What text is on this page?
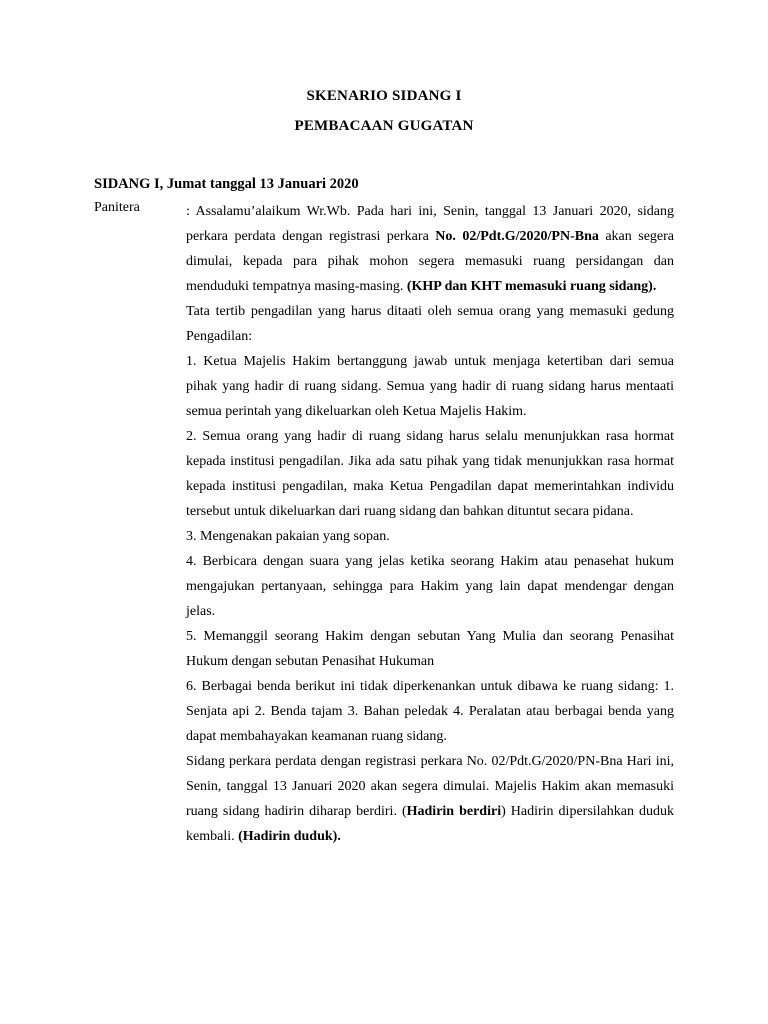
SKENARIO SIDANG I
PEMBACAAN GUGATAN
SIDANG I, Jumat tanggal 13 Januari 2020
Panitera	: Assalamu’alaikum Wr.Wb. Pada hari ini, Senin, tanggal 13 Januari 2020, sidang perkara perdata dengan registrasi perkara No. 02/Pdt.G/2020/PN-Bna akan segera dimulai, kepada para pihak mohon segera memasuki ruang persidangan dan menduduki tempatnya masing-masing. (KHP dan KHT memasuki ruang sidang).

Tata tertib pengadilan yang harus ditaati oleh semua orang yang memasuki gedung Pengadilan:

1. Ketua Majelis Hakim bertanggung jawab untuk menjaga ketertiban dari semua pihak yang hadir di ruang sidang. Semua yang hadir di ruang sidang harus mentaati semua perintah yang dikeluarkan oleh Ketua Majelis Hakim.

2. Semua orang yang hadir di ruang sidang harus selalu menunjukkan rasa hormat kepada institusi pengadilan. Jika ada satu pihak yang tidak menunjukkan rasa hormat kepada institusi pengadilan, maka Ketua Pengadilan dapat memerintahkan individu tersebut untuk dikeluarkan dari ruang sidang dan bahkan dituntut secara pidana.

3. Mengenakan pakaian yang sopan.

4. Berbicara dengan suara yang jelas ketika seorang Hakim atau penasehat hukum mengajukan pertanyaan, sehingga para Hakim yang lain dapat mendengar dengan jelas.

5. Memanggil seorang Hakim dengan sebutan Yang Mulia dan seorang Penasihat Hukum dengan sebutan Penasihat Hukuman

6. Berbagai benda berikut ini tidak diperkenankan untuk dibawa ke ruang sidang: 1. Senjata api 2. Benda tajam 3. Bahan peledak 4. Peralatan atau berbagai benda yang dapat membahayakan keamanan ruang sidang.

Sidang perkara perdata dengan registrasi perkara No. 02/Pdt.G/2020/PN-Bna Hari ini, Senin, tanggal 13 Januari 2020 akan segera dimulai. Majelis Hakim akan memasuki ruang sidang hadirin diharap berdiri. (Hadirin berdiri) Hadirin dipersilahkan duduk kembali. (Hadirin duduk).
